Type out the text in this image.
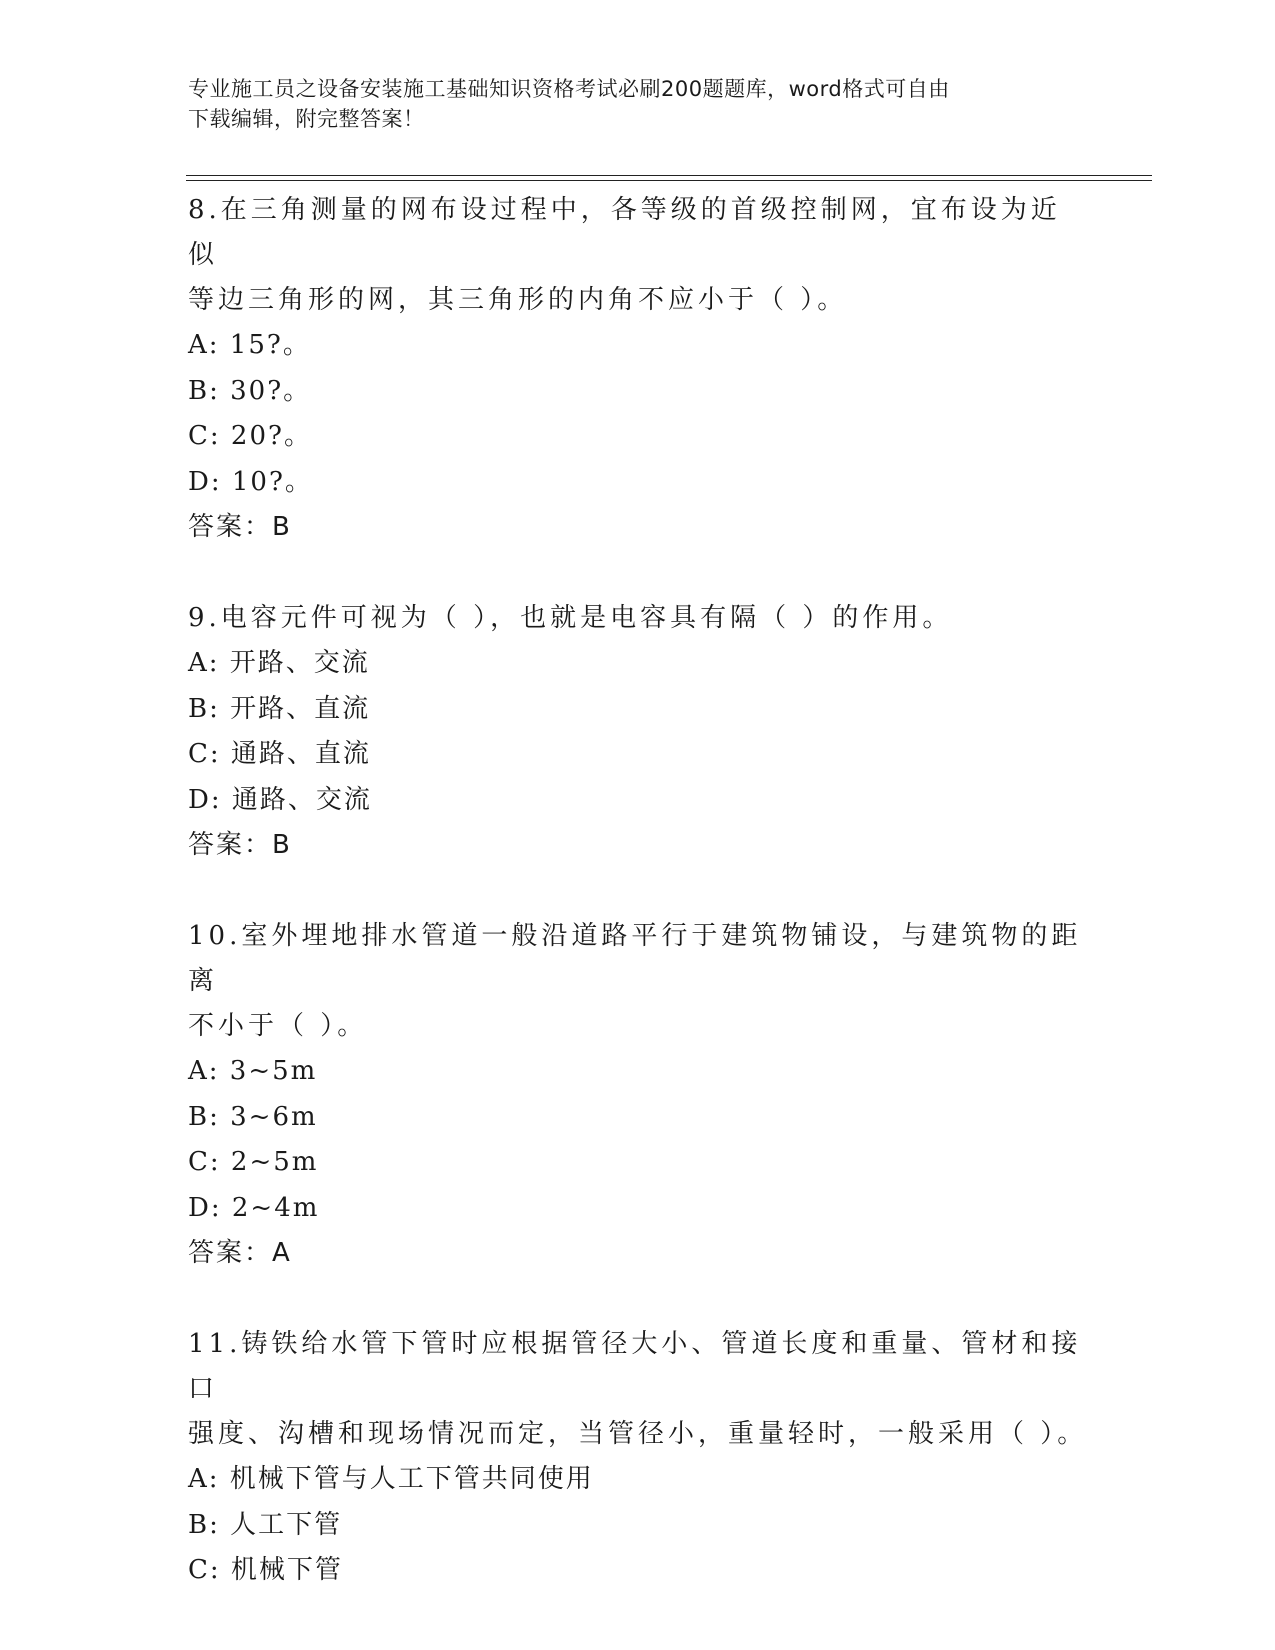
专业施工员之设备安装施工基础知识资格考试必刷200题题库，word格式可自由
下载编辑，附完整答案！

8.在三角测量的网布设过程中，各等级的首级控制网，宜布设为近似

等边三角形的网，其三角形的内角不应小于（ ）。

A: 15?。

B: 30?。

C: 20?。

D: 10?。

答案：B

9.电容元件可视为（ ），也就是电容具有隔（ ）的作用。

A: 开路、交流

B: 开路、直流

C: 通路、直流

D: 通路、交流

答案：B

10.室外埋地排水管道一般沿道路平行于建筑物铺设，与建筑物的距离

不小于（ ）。

A: 3~5m

B: 3~6m

C: 2~5m

D: 2~4m

答案：A

11.铸铁给水管下管时应根据管径大小、管道长度和重量、管材和接口

强度、沟槽和现场情况而定，当管径小，重量轻时，一般采用（ ）。

A: 机械下管与人工下管共同使用

B: 人工下管

C: 机械下管
